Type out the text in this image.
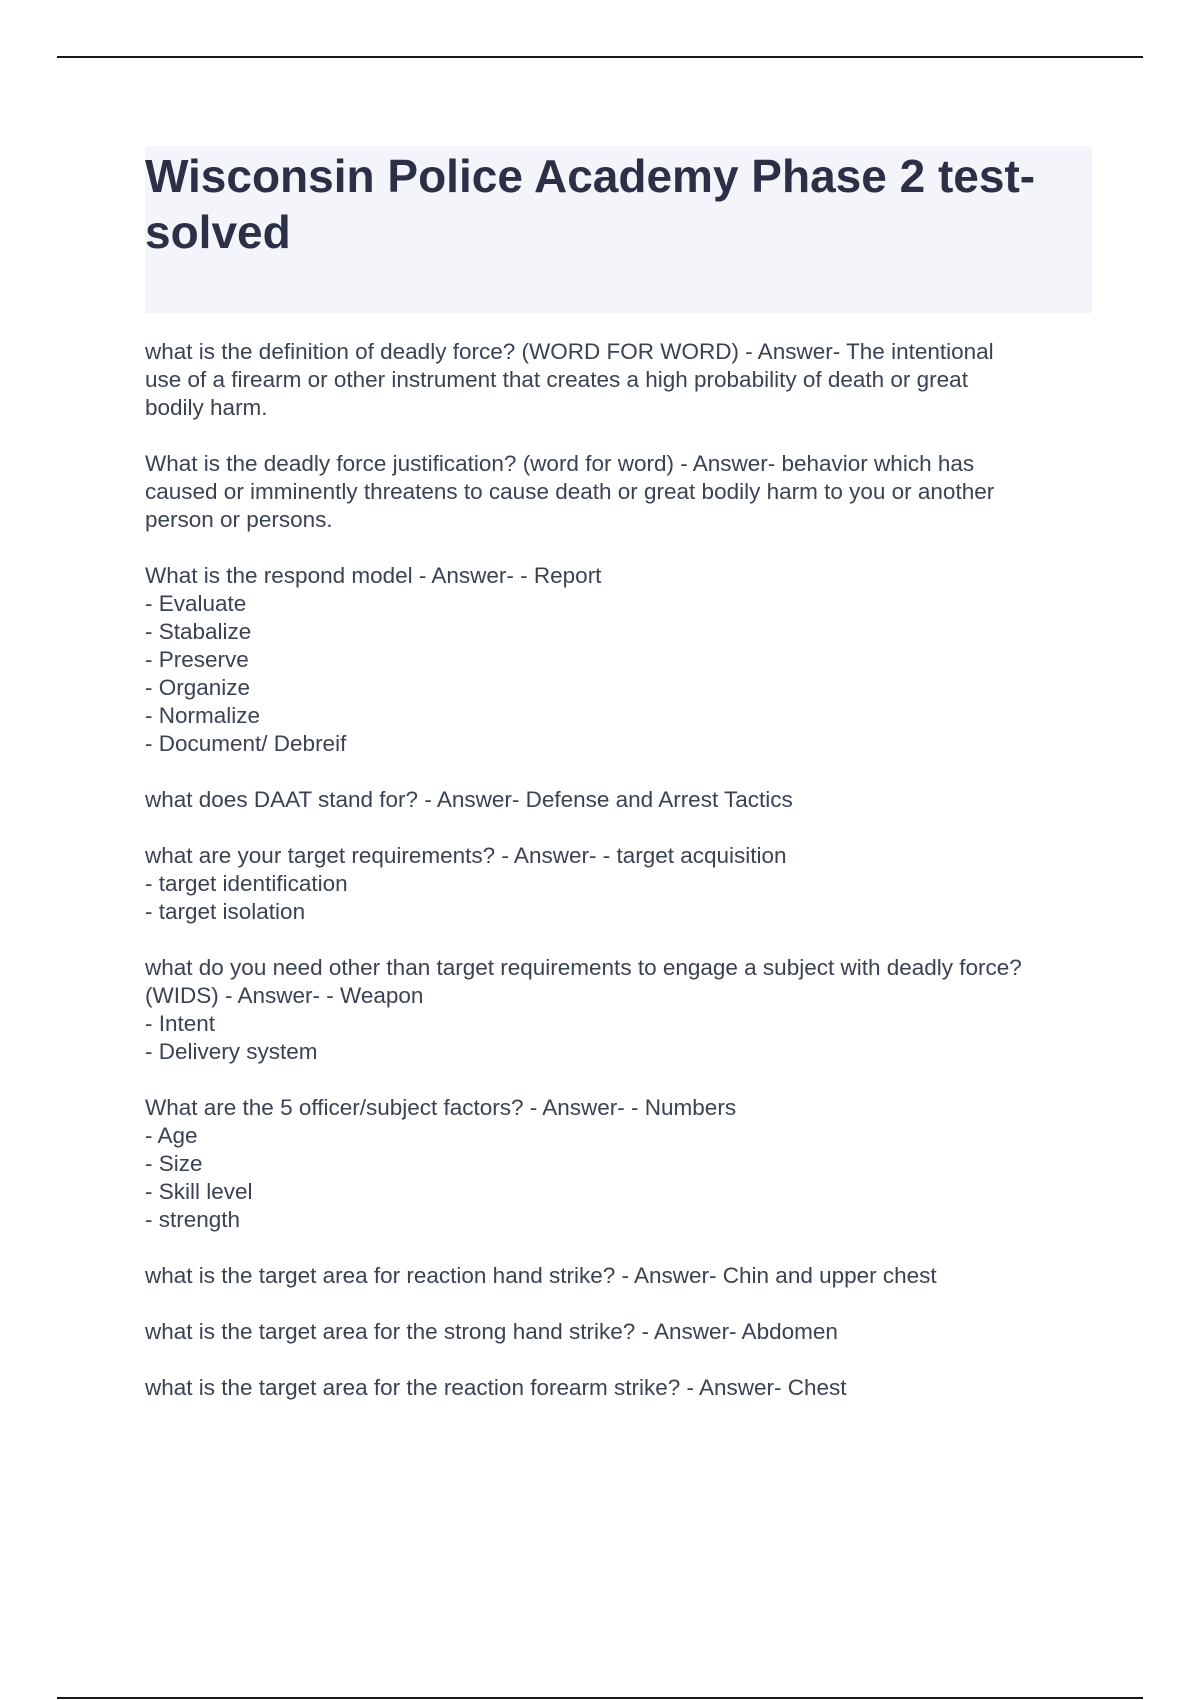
Wisconsin Police Academy Phase 2 test-
solved
what is the definition of deadly force? (WORD FOR WORD) - Answer- The intentional
use of a firearm or other instrument that creates a high probability of death or great
bodily harm.
What is the deadly force justification? (word for word) - Answer- behavior which has
caused or imminently threatens to cause death or great bodily harm to you or another
person or persons.
What is the respond model - Answer- - Report
- Evaluate
- Stabalize
- Preserve
- Organize
- Normalize
- Document/ Debreif
what does DAAT stand for? - Answer- Defense and Arrest Tactics
what are your target requirements? - Answer- - target acquisition
- target identification
- target isolation
what do you need other than target requirements to engage a subject with deadly force?
(WIDS) - Answer- - Weapon
- Intent
- Delivery system
What are the 5 officer/subject factors? - Answer- - Numbers
- Age
- Size
- Skill level
- strength
what is the target area for reaction hand strike? - Answer- Chin and upper chest
what is the target area for the strong hand strike? - Answer- Abdomen
what is the target area for the reaction forearm strike? - Answer- Chest
